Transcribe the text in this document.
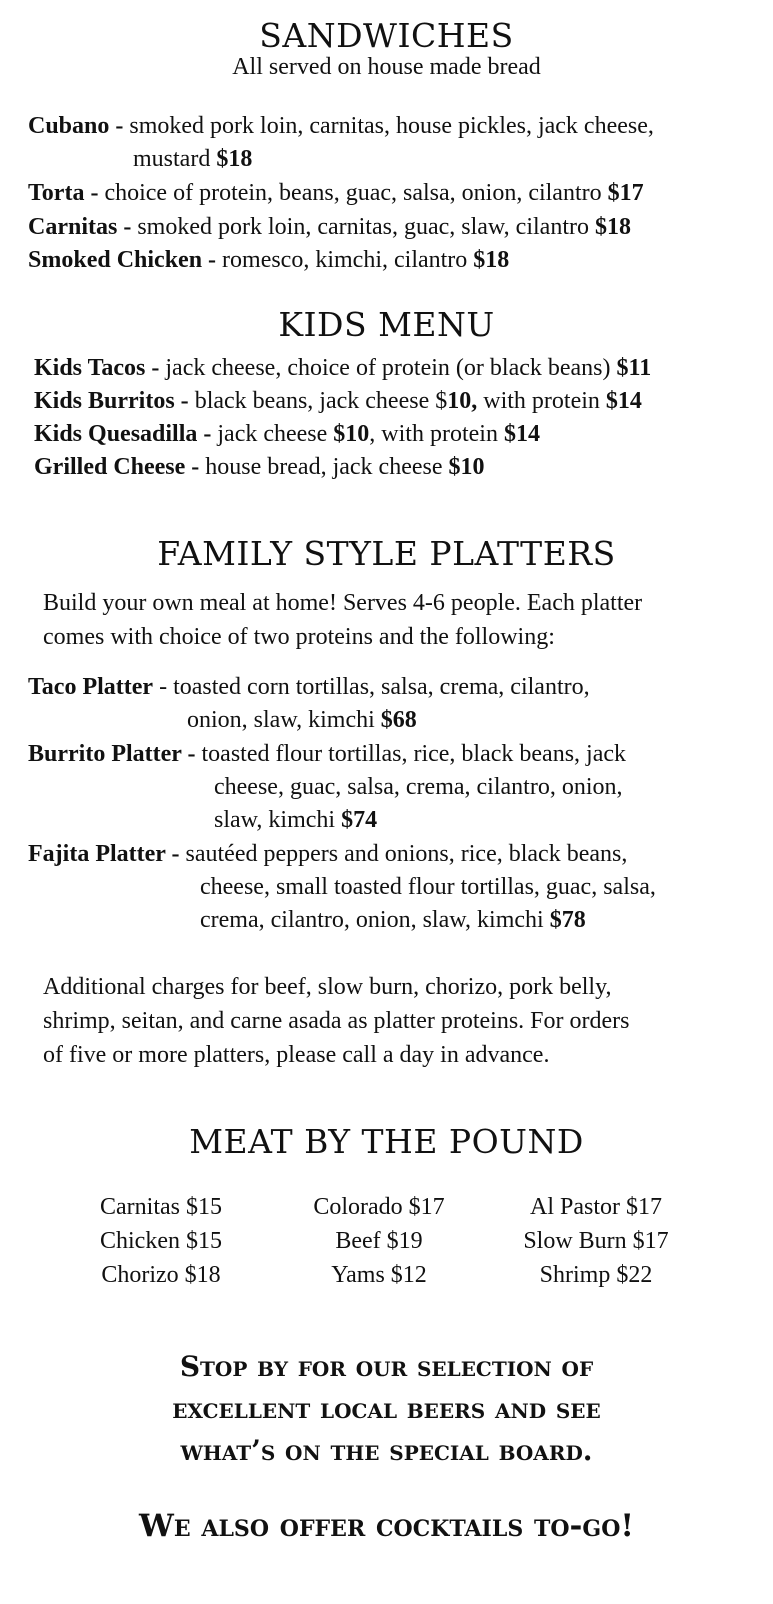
SANDWICHES
All served on house made bread
Cubano - smoked pork loin, carnitas, house pickles, jack cheese,
mustard $18
Torta - choice of protein, beans, guac, salsa, onion, cilantro $17
Carnitas - smoked pork loin, carnitas, guac, slaw, cilantro $18
Smoked Chicken - romesco, kimchi, cilantro $18
KIDS MENU
Kids Tacos - jack cheese, choice of protein (or black beans) $11
Kids Burritos - black beans, jack cheese $10, with protein $14
Kids Quesadilla - jack cheese $10, with protein $14
Grilled Cheese - house bread, jack cheese $10
FAMILY STYLE PLATTERS
Build your own meal at home! Serves 4-6 people. Each platter
comes with choice of two proteins and the following:
Taco Platter - toasted corn tortillas, salsa, crema, cilantro,
onion, slaw, kimchi $68
Burrito Platter - toasted flour tortillas, rice, black beans, jack
cheese, guac, salsa, crema, cilantro, onion,
slaw, kimchi $74
Fajita Platter - sautéed peppers and onions, rice, black beans,
cheese, small toasted flour tortillas, guac, salsa,
crema, cilantro, onion, slaw, kimchi $78
Additional charges for beef, slow burn, chorizo, pork belly,
shrimp, seitan, and carne asada as platter proteins. For orders
of five or more platters, please call a day in advance.
MEAT BY THE POUND
Carnitas $15
Chicken $15
Chorizo $18
Colorado $17
Beef $19
Yams $12
Al Pastor $17
Slow Burn $17
Shrimp $22
Stop by for our selection of
excellent local beers and see
what’s on the special board.
We also offer cocktails to-go!
